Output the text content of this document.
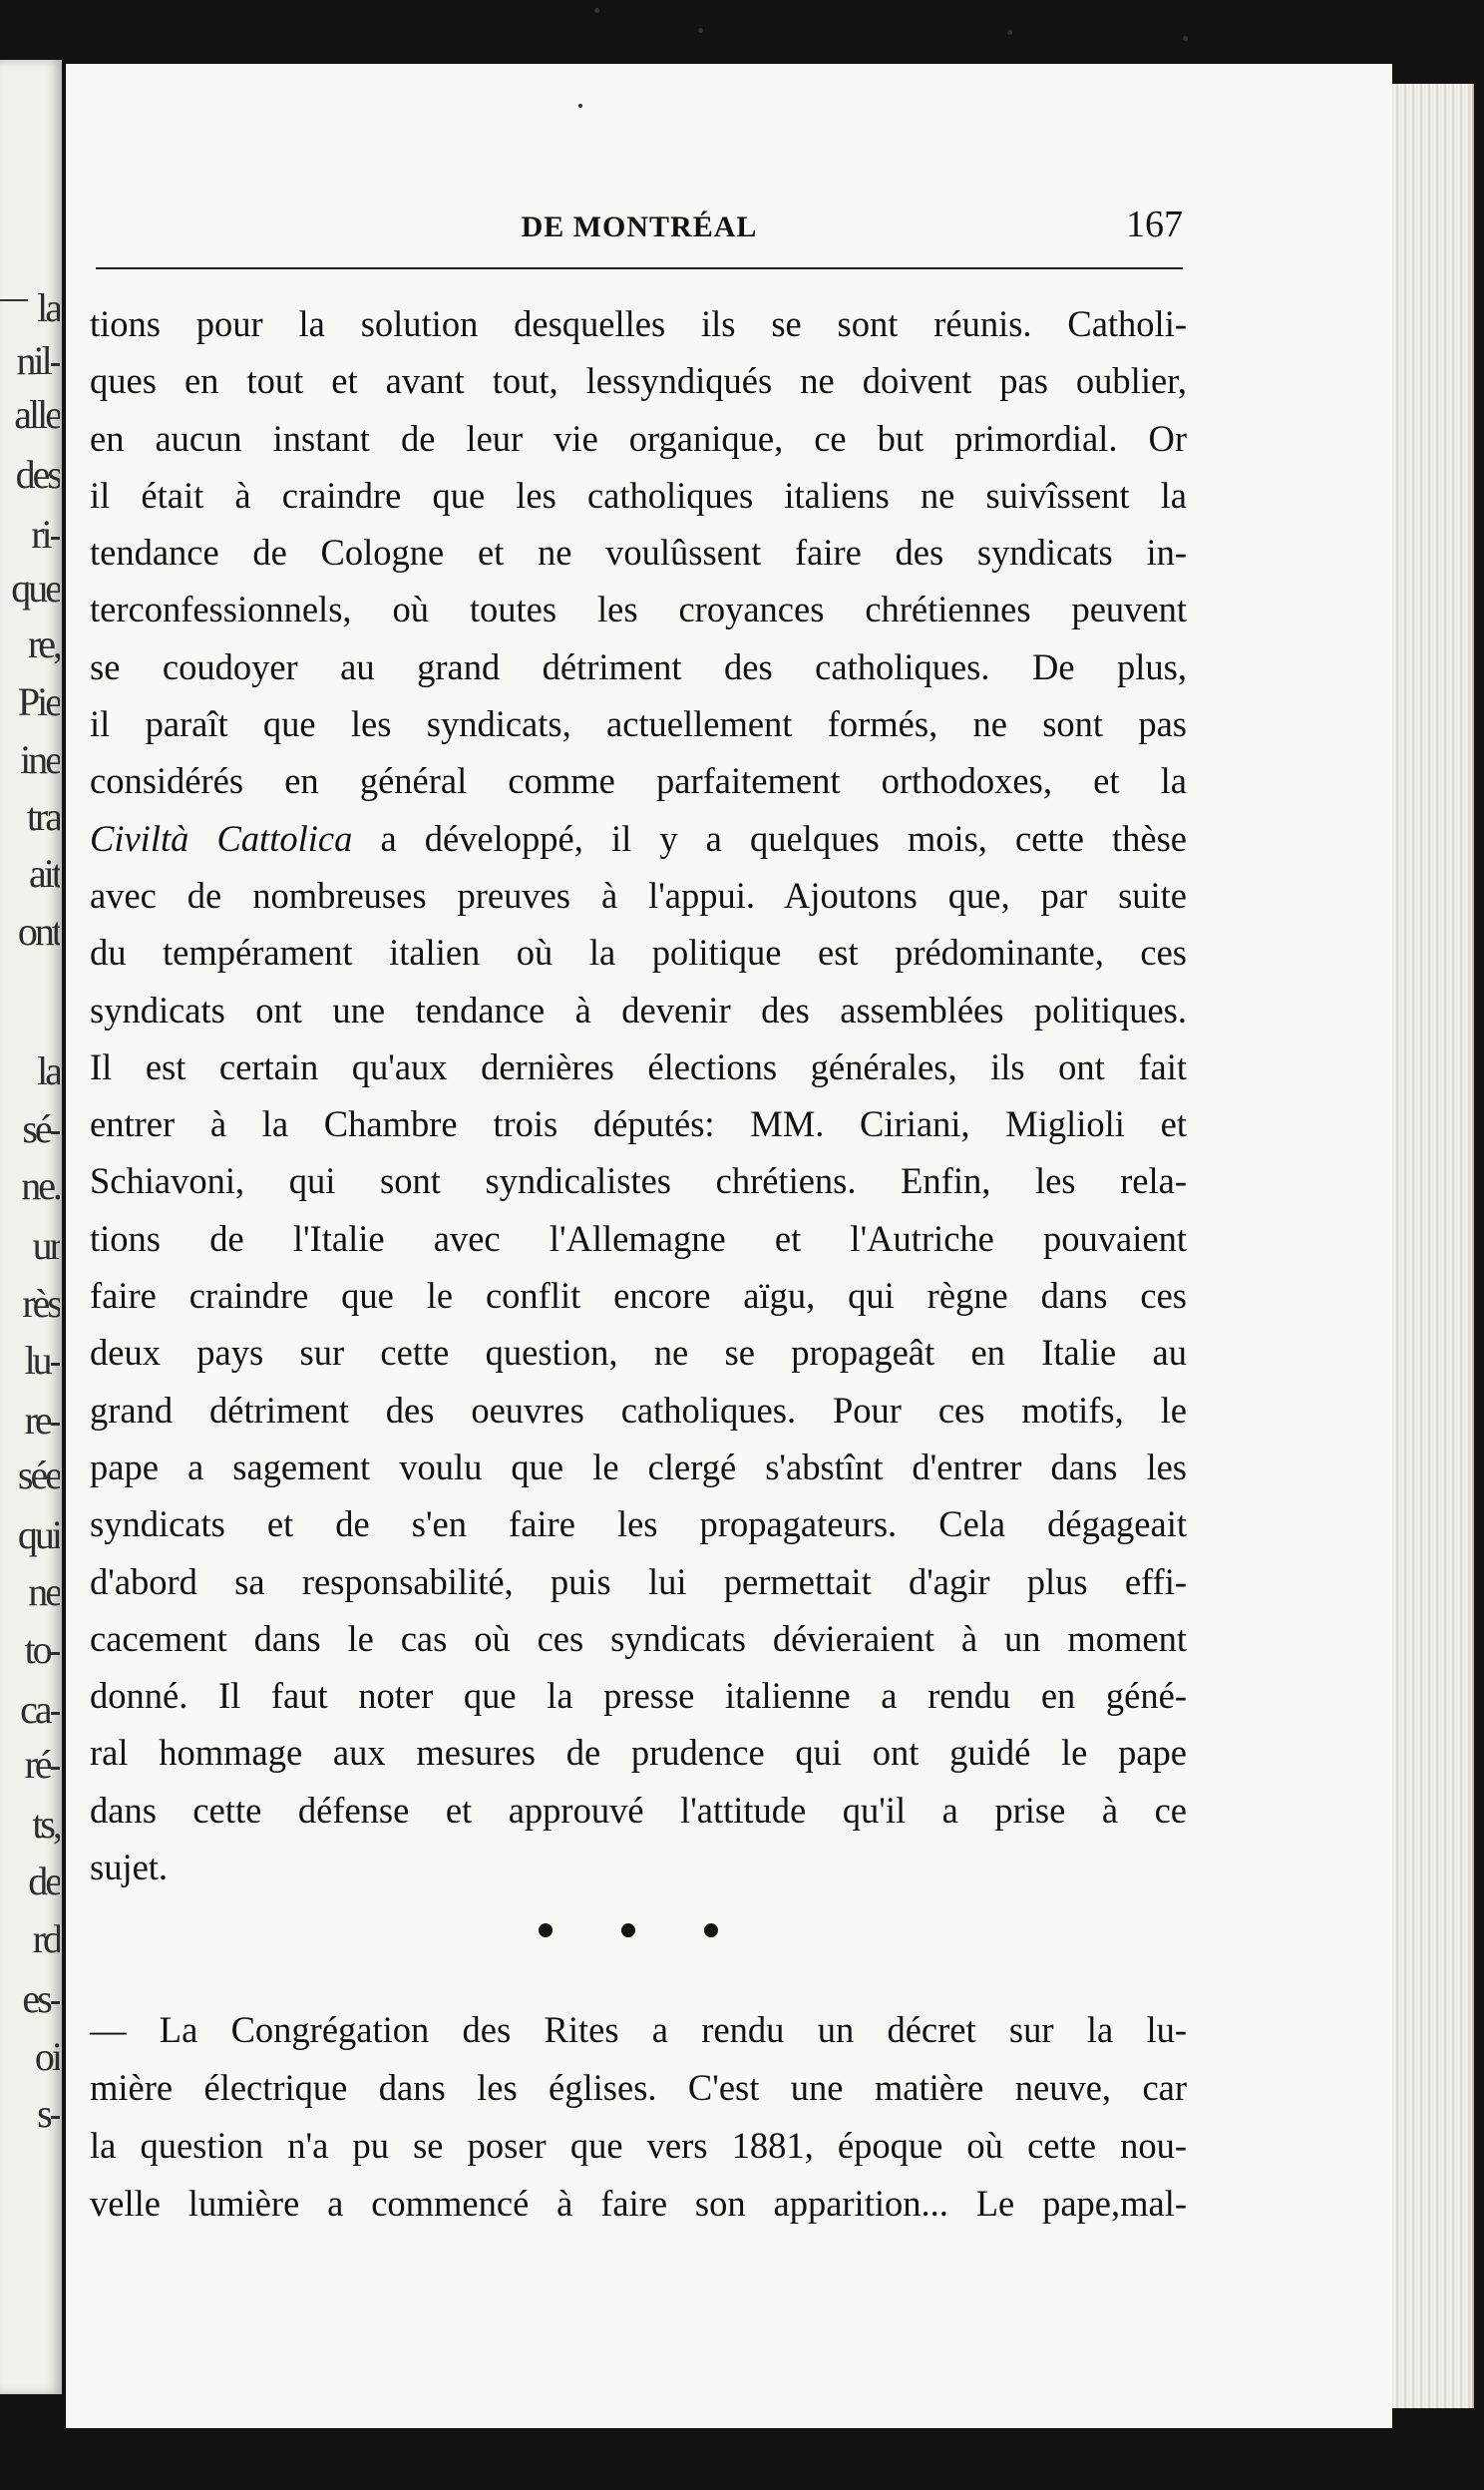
la
nil-
alle
des
ri-
que
re,
Pie
ine
tra
ait
ont
la
sé-
ne.
ur
rès
lu-
re-
sée
qui
ne
to-
ca-
ré-
ts,
de
rd
es-
oi
s-
DE MONTRÉAL	167
tions pour la solution desquelles ils se sont réunis. Catholi-
ques en tout et avant tout, lessyndiqués ne doivent pas oublier,
en aucun instant de leur vie organique, ce but primordial. Or
il était à craindre que les catholiques italiens ne suivîssent la
tendance de Cologne et ne voulûssent faire des syndicats in-
terconfessionnels, où toutes les croyances chrétiennes peuvent
se coudoyer au grand détriment des catholiques. De plus,
il paraît que les syndicats, actuellement formés, ne sont pas
considérés en général comme parfaitement orthodoxes, et la
Civiltà Cattolica a développé, il y a quelques mois, cette thèse
avec de nombreuses preuves à l'appui. Ajoutons que, par suite
du tempérament italien où la politique est prédominante, ces
syndicats ont une tendance à devenir des assemblées politiques.
Il est certain qu'aux dernières élections générales, ils ont fait
entrer à la Chambre trois députés: MM. Ciriani, Miglioli et
Schiavoni, qui sont syndicalistes chrétiens. Enfin, les rela-
tions de l'Italie avec l'Allemagne et l'Autriche pouvaient
faire craindre que le conflit encore aïgu, qui règne dans ces
deux pays sur cette question, ne se propageât en Italie au
grand détriment des oeuvres catholiques. Pour ces motifs, le
pape a sagement voulu que le clergé s'abstînt d'entrer dans les
syndicats et de s'en faire les propagateurs. Cela dégageait
d'abord sa responsabilité, puis lui permettait d'agir plus effi-
cacement dans le cas où ces syndicats dévieraient à un moment
donné. Il faut noter que la presse italienne a rendu en géné-
ral hommage aux mesures de prudence qui ont guidé le pape
dans cette défense et approuvé l'attitude qu'il a prise à ce
sujet.
— La Congrégation des Rites a rendu un décret sur la lu-
mière électrique dans les églises. C'est une matière neuve, car
la question n'a pu se poser que vers 1881, époque où cette nou-
velle lumière a commencé à faire son apparition... Le pape,mal-
